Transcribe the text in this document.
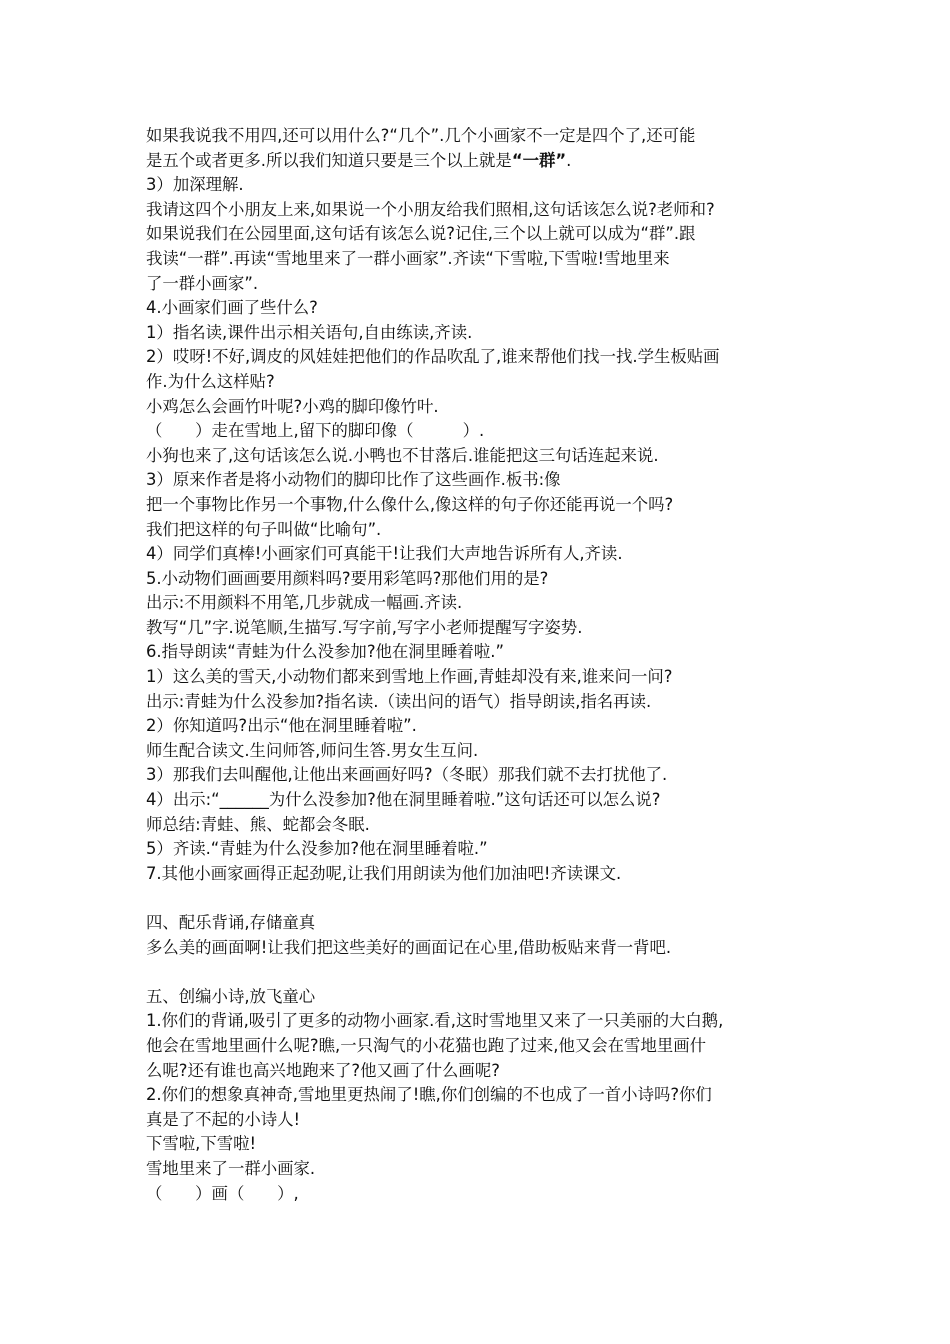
如果我说我不用四,还可以用什么?“几个”.几个小画家不一定是四个了,还可能

是五个或者更多.所以我们知道只要是三个以上就是“一群”.

3）加深理解.

我请这四个小朋友上来,如果说一个小朋友给我们照相,这句话该怎么说?老师和?

如果说我们在公园里面,这句话有该怎么说?记住,三个以上就可以成为“群”.跟

我读“一群”.再读“雪地里来了一群小画家”.齐读“下雪啦,下雪啦!雪地里来

了一群小画家”.

4.小画家们画了些什么?

1）指名读,课件出示相关语句,自由练读,齐读.

2）哎呀!不好,调皮的风娃娃把他们的作品吹乱了,谁来帮他们找一找.学生板贴画

作.为什么这样贴?

小鸡怎么会画竹叶呢?小鸡的脚印像竹叶.

（　　）走在雪地上,留下的脚印像（　　　）.

小狗也来了,这句话该怎么说.小鸭也不甘落后.谁能把这三句话连起来说.

3）原来作者是将小动物们的脚印比作了这些画作.板书:像

把一个事物比作另一个事物,什么像什么,像这样的句子你还能再说一个吗?

我们把这样的句子叫做“比喻句”.

4）同学们真棒!小画家们可真能干!让我们大声地告诉所有人,齐读.

5.小动物们画画要用颜料吗?要用彩笔吗?那他们用的是?

出示:不用颜料不用笔,几步就成一幅画.齐读.

教写“几”字.说笔顺,生描写.写字前,写字小老师提醒写字姿势.

6.指导朗读“青蛙为什么没参加?他在洞里睡着啦.”

1）这么美的雪天,小动物们都来到雪地上作画,青蛙却没有来,谁来问一问?

出示:青蛙为什么没参加?指名读.（读出问的语气）指导朗读,指名再读.

2）你知道吗?出示“他在洞里睡着啦”.

师生配合读文.生问师答,师问生答.男女生互问.

3）那我们去叫醒他,让他出来画画好吗?（冬眠）那我们就不去打扰他了.

4）出示:“______为什么没参加?他在洞里睡着啦.”这句话还可以怎么说?

师总结:青蛙、熊、蛇都会冬眠.

5）齐读.“青蛙为什么没参加?他在洞里睡着啦.”

7.其他小画家画得正起劲呢,让我们用朗读为他们加油吧!齐读课文.

四、配乐背诵,存储童真

多么美的画面啊!让我们把这些美好的画面记在心里,借助板贴来背一背吧.

五、创编小诗,放飞童心

1.你们的背诵,吸引了更多的动物小画家.看,这时雪地里又来了一只美丽的大白鹅,

他会在雪地里画什么呢?瞧,一只淘气的小花猫也跑了过来,他又会在雪地里画什

么呢?还有谁也高兴地跑来了?他又画了什么画呢?

2.你们的想象真神奇,雪地里更热闹了!瞧,你们创编的不也成了一首小诗吗?你们

真是了不起的小诗人!

下雪啦,下雪啦!

雪地里来了一群小画家.

（　　）画（　　）,
